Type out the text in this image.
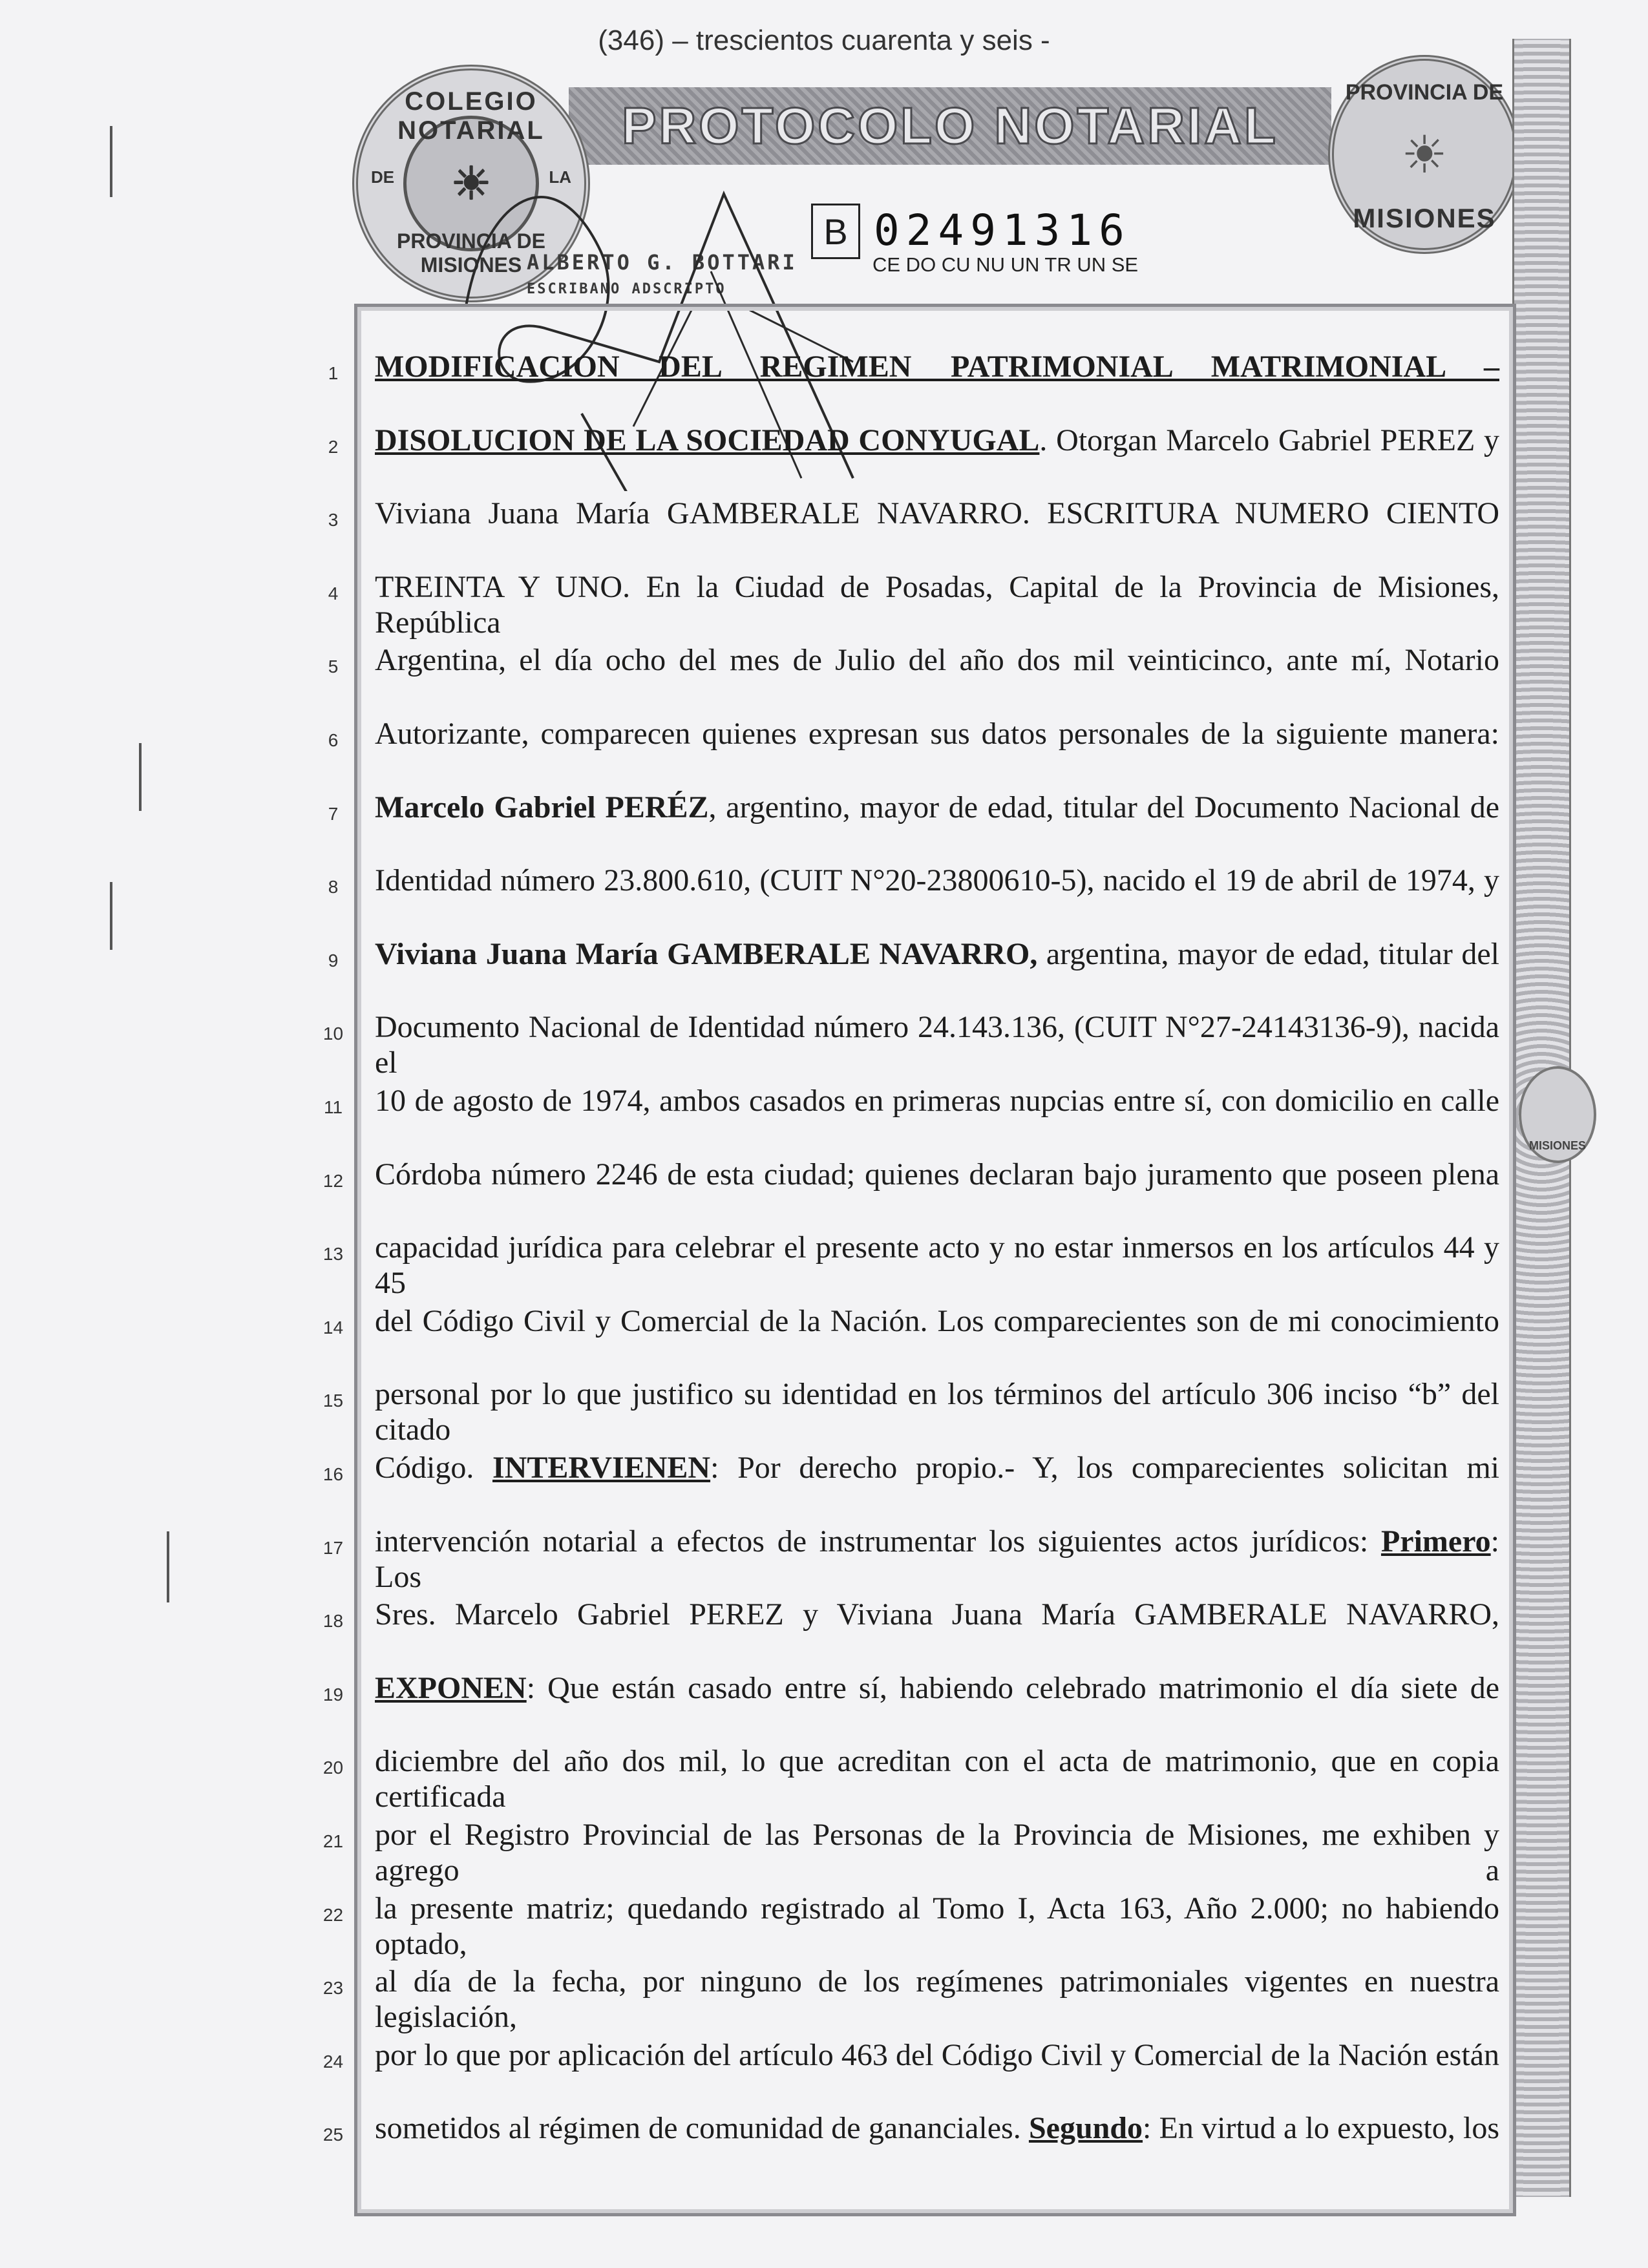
(346) – trescientos cuarenta y seis -
PROTOCOLO NOTARIAL
COLEGIO NOTARIAL
DE	LA
☀
PROVINCIA DE MISIONES
PROVINCIA DE
☀
MISIONES
B 02491316
CE DO CU NU UN TR UN SE
ALBERTO G. BOTTARI
ESCRIBANO ADSCRIPTO
MISIONES
1	MODIFICACION DEL REGIMEN PATRIMONIAL MATRIMONIAL –
2	DISOLUCION DE LA SOCIEDAD CONYUGAL. Otorgan Marcelo Gabriel PEREZ y
3	Viviana Juana María GAMBERALE NAVARRO. ESCRITURA NUMERO CIENTO
4	TREINTA Y UNO. En la Ciudad de Posadas, Capital de la Provincia de Misiones, República
5	Argentina, el día ocho del mes de Julio del año dos mil veinticinco, ante mí, Notario
6	Autorizante, comparecen quienes expresan sus datos personales de la siguiente manera:
7	Marcelo Gabriel PERÉZ, argentino, mayor de edad, titular del Documento Nacional de
8	Identidad número 23.800.610, (CUIT N°20-23800610-5), nacido el 19 de abril de 1974, y
9	Viviana Juana María GAMBERALE NAVARRO, argentina, mayor de edad, titular del
10 Documento Nacional de Identidad número 24.143.136, (CUIT N°27-24143136-9), nacida el
11 10 de agosto de 1974, ambos casados en primeras nupcias entre sí, con domicilio en calle
12 Córdoba número 2246 de esta ciudad; quienes declaran bajo juramento que poseen plena
13 capacidad jurídica para celebrar el presente acto y no estar inmersos en los artículos 44 y 45
14 del Código Civil y Comercial de la Nación. Los comparecientes son de mi conocimiento
15 personal por lo que justifico su identidad en los términos del artículo 306 inciso “b” del citado
16 Código. INTERVIENEN: Por derecho propio.- Y, los comparecientes solicitan mi
17 intervención notarial a efectos de instrumentar los siguientes actos jurídicos: Primero: Los
18 Sres. Marcelo Gabriel PEREZ y Viviana Juana María GAMBERALE NAVARRO,
19 EXPONEN: Que están casado entre sí, habiendo celebrado matrimonio el día siete de
20 diciembre del año dos mil, lo que acreditan con el acta de matrimonio, que en copia certificada
21 por el Registro Provincial de las Personas de la Provincia de Misiones, me exhiben y agrego a
22 la presente matriz; quedando registrado al Tomo I, Acta 163, Año 2.000; no habiendo optado,
23 al día de la fecha, por ninguno de los regímenes patrimoniales vigentes en nuestra legislación,
24 por lo que por aplicación del artículo 463 del Código Civil y Comercial de la Nación están
25 sometidos al régimen de comunidad de gananciales. Segundo: En virtud a lo expuesto, los
